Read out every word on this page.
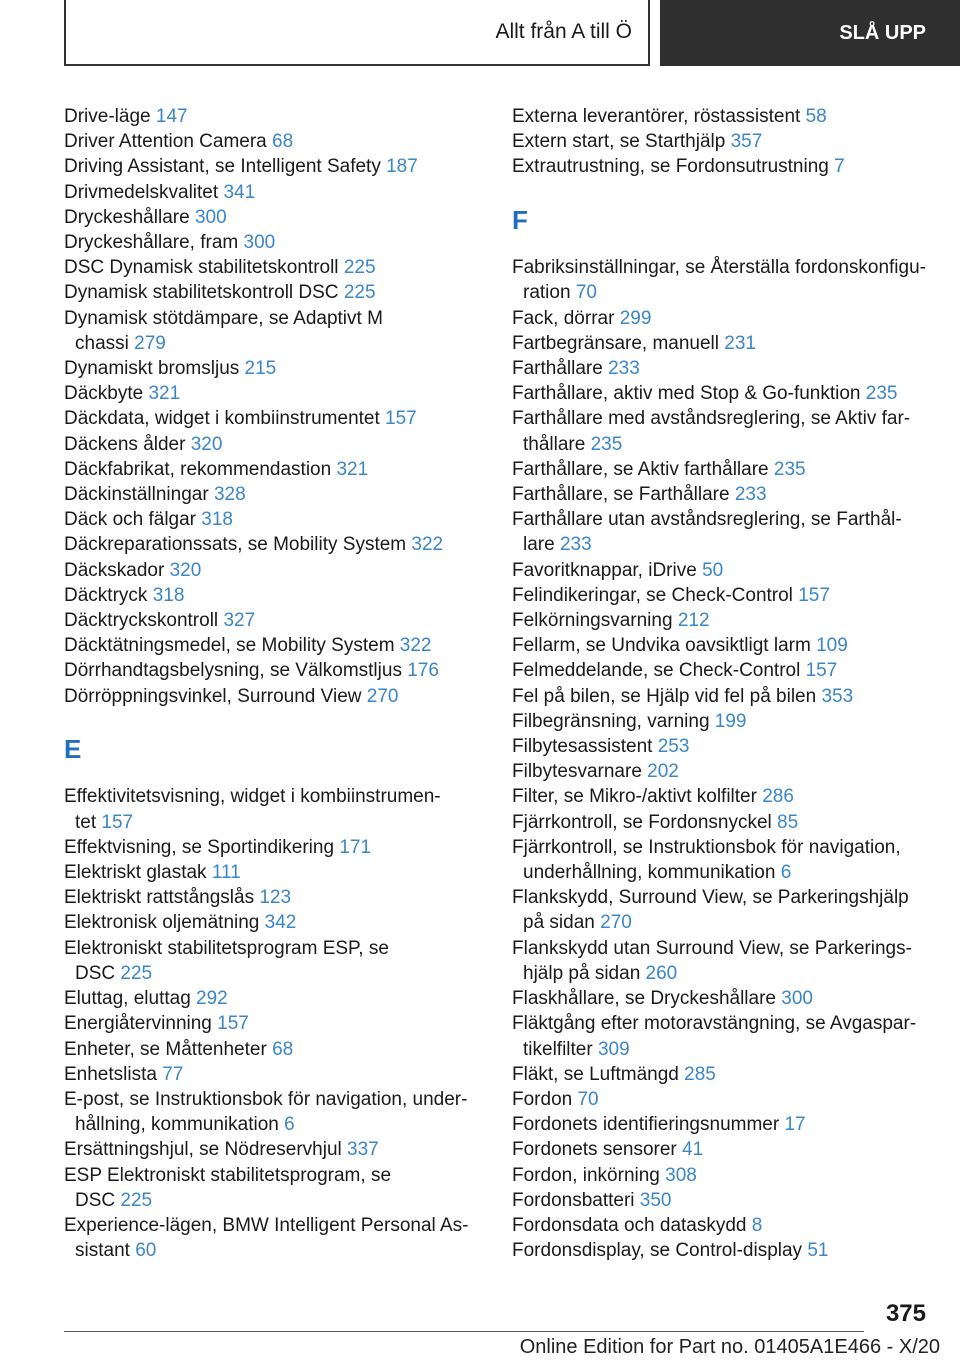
Allt från A till Ö	SLÅ UPP
Drive-läge 147
Driver Attention Camera 68
Driving Assistant, se Intelligent Safety 187
Drivmedelskvalitet 341
Dryckeshållare 300
Dryckeshållare, fram 300
DSC Dynamisk stabilitetskontroll 225
Dynamisk stabilitetskontroll DSC 225
Dynamisk stötdämpare, se Adaptivt M
chassi 279
Dynamiskt bromsljus 215
Däckbyte 321
Däckdata, widget i kombiinstrumentet 157
Däckens ålder 320
Däckfabrikat, rekommendastion 321
Däckinställningar 328
Däck och fälgar 318
Däckreparationssats, se Mobility System 322
Däckskador 320
Däcktryck 318
Däcktryckskontroll 327
Däcktätningsmedel, se Mobility System 322
Dörrhandtagsbelysning, se Välkomstljus 176
Dörröppningsvinkel, Surround View 270
E
Effektivitetsvisning, widget i kombiinstrumen-
tet 157
Effektvisning, se Sportindikering 171
Elektriskt glastak 111
Elektriskt rattstångslås 123
Elektronisk oljemätning 342
Elektroniskt stabilitetsprogram ESP, se
DSC 225
Eluttag, eluttag 292
Energiåtervinning 157
Enheter, se Måttenheter 68
Enhetslista 77
E-post, se Instruktionsbok för navigation, under-
hållning, kommunikation 6
Ersättningshjul, se Nödreservhjul 337
ESP Elektroniskt stabilitetsprogram, se
DSC 225
Experience-lägen, BMW Intelligent Personal As-
sistant 60
Externa leverantörer, röstassistent 58
Extern start, se Starthjälp 357
Extrautrustning, se Fordonsutrustning 7
F
Fabriksinställningar, se Återställa fordonskonfigu-
ration 70
Fack, dörrar 299
Fartbegränsare, manuell 231
Farthållare 233
Farthållare, aktiv med Stop & Go-funktion 235
Farthållare med avståndsreglering, se Aktiv far-
thållare 235
Farthållare, se Aktiv farthållare 235
Farthållare, se Farthållare 233
Farthållare utan avståndsreglering, se Farthål-
lare 233
Favoritknappar, iDrive 50
Felindikeringar, se Check-Control 157
Felkörningsvarning 212
Fellarm, se Undvika oavsiktligt larm 109
Felmeddelande, se Check-Control 157
Fel på bilen, se Hjälp vid fel på bilen 353
Filbegränsning, varning 199
Filbytesassistent 253
Filbytesvarnare 202
Filter, se Mikro-/aktivt kolfilter 286
Fjärrkontroll, se Fordonsnyckel 85
Fjärrkontroll, se Instruktionsbok för navigation,
underhållning, kommunikation 6
Flankskydd, Surround View, se Parkeringshjälp
på sidan 270
Flankskydd utan Surround View, se Parkerings-
hjälp på sidan 260
Flaskhållare, se Dryckeshållare 300
Fläktgång efter motoravstängning, se Avgaspar-
tikelfilter 309
Fläkt, se Luftmängd 285
Fordon 70
Fordonets identifieringsnummer 17
Fordonets sensorer 41
Fordon, inkörning 308
Fordonsbatteri 350
Fordonsdata och dataskydd 8
Fordonsdisplay, se Control-display 51
375
Online Edition for Part no. 01405A1E466 - X/20
